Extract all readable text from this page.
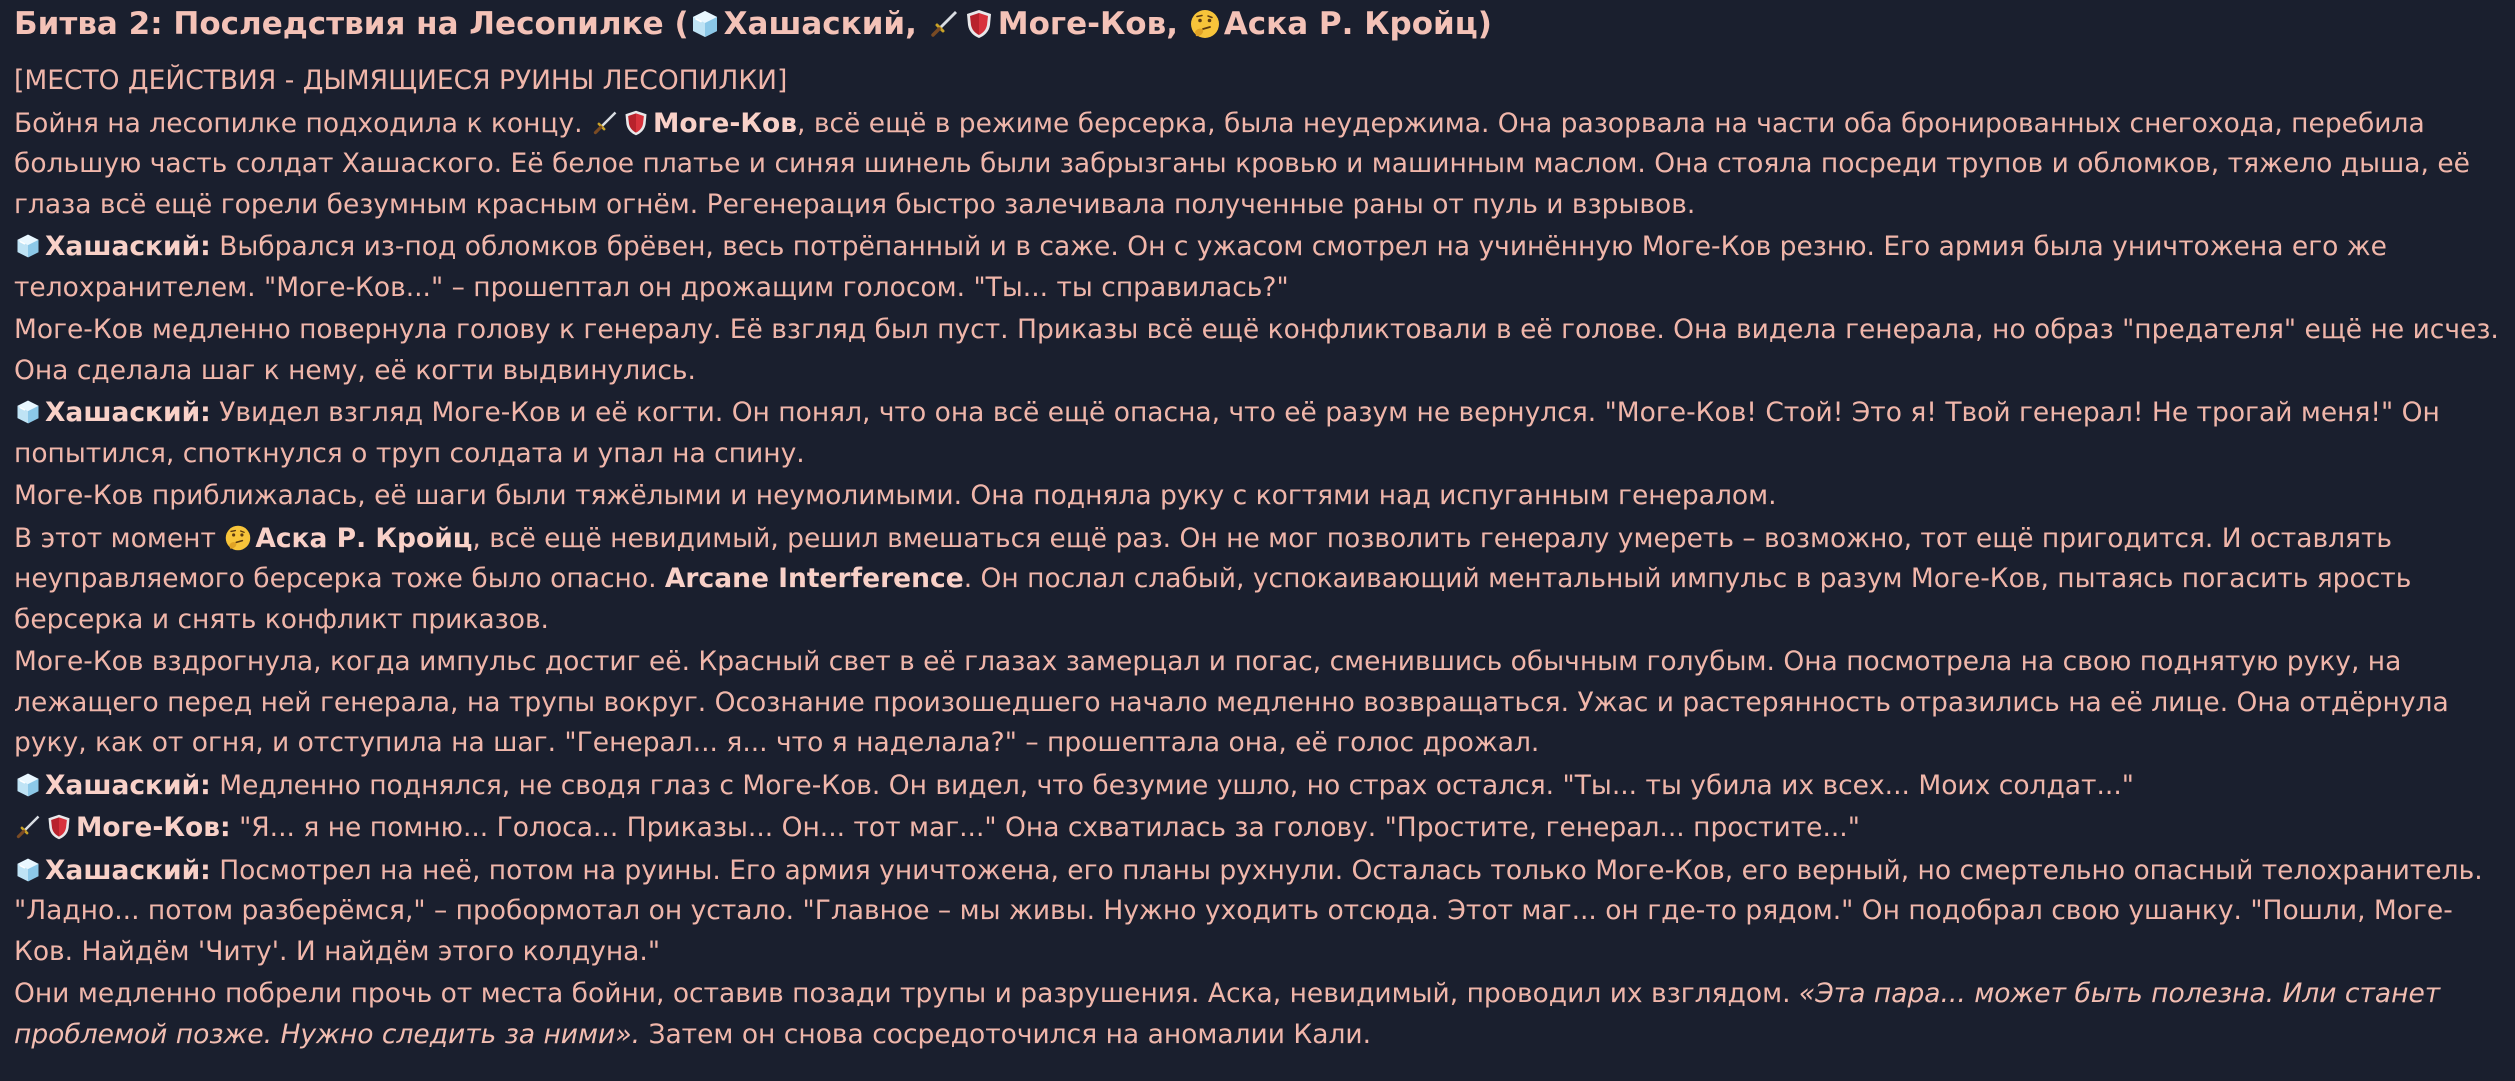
Битва 2: Последствия на Лесопилке ( Хашаский,
Моге-Ков,
Аска Р. Кройц)

[МЕСТО ДЕЙСТВИЯ - ДЫМЯЩИЕСЯ РУИНЫ ЛЕСОПИЛКИ]

Бойня на лесопилке подходила к концу.
Моге-Ков, всё ещё в режиме берсерка, была неудержима. Она разорвала на части оба бронированных снегохода, перебила большую часть солдат Хашаского. Её белое платье и синяя шинель были забрызганы кровью и машинным маслом. Она стояла посреди трупов и обломков, тяжело дыша, её глаза всё ещё горели безумным красным огнём. Регенерация быстро залечивала полученные раны от пуль и взрывов.

Хашаский: Выбрался из-под обломков брёвен, весь потрёпанный и в саже. Он с ужасом смотрел на учинённую Моге-Ков резню. Его армия была уничтожена его же телохранителем. "Моге-Ков..." – прошептал он дрожащим голосом. "Ты... ты справилась?"

Моге-Ков медленно повернула голову к генералу. Её взгляд был пуст. Приказы всё ещё конфликтовали в её голове. Она видела генерала, но образ "предателя" ещё не исчез. Она сделала шаг к нему, её когти выдвинулись.

Хашаский: Увидел взгляд Моге-Ков и её когти. Он понял, что она всё ещё опасна, что её разум не вернулся. "Моге-Ков! Стой! Это я! Твой генерал! Не трогай меня!" Он попытился, споткнулся о труп солдата и упал на спину.

Моге-Ков приближалась, её шаги были тяжёлыми и неумолимыми. Она подняла руку с когтями над испуганным генералом.

В этот момент
Аска Р. Кройц, всё ещё невидимый, решил вмешаться ещё раз. Он не мог позволить генералу умереть – возможно, тот ещё пригодится. И оставлять неуправляемого берсерка тоже было опасно. Arcane Interference. Он послал слабый, успокаивающий ментальный импульс в разум Моге-Ков, пытаясь погасить ярость берсерка и снять конфликт приказов.

Моге-Ков вздрогнула, когда импульс достиг её. Красный свет в её глазах замерцал и погас, сменившись обычным голубым. Она посмотрела на свою поднятую руку, на лежащего перед ней генерала, на трупы вокруг. Осознание произошедшего начало медленно возвращаться. Ужас и растерянность отразились на её лице. Она отдёрнула руку, как от огня, и отступила на шаг. "Генерал... я... что я наделала?" – прошептала она, её голос дрожал.

Хашаский: Медленно поднялся, не сводя глаз с Моге-Ков. Он видел, что безумие ушло, но страх остался. "Ты... ты убила их всех... Моих солдат..."

Моге-Ков: "Я... я не помню... Голоса... Приказы... Он... тот маг..." Она схватилась за голову. "Простите, генерал... простите..."

Хашаский: Посмотрел на неё, потом на руины. Его армия уничтожена, его планы рухнули. Осталась только Моге-Ков, его верный, но смертельно опасный телохранитель. "Ладно... потом разберёмся," – пробормотал он устало. "Главное – мы живы. Нужно уходить отсюда. Этот маг... он где-то рядом." Он подобрал свою ушанку. "Пошли, Моге-Ков. Найдём 'Читу'. И найдём этого колдуна."

Они медленно побрели прочь от места бойни, оставив позади трупы и разрушения. Аска, невидимый, проводил их взглядом. «Эта пара... может быть полезна. Или станет проблемой позже. Нужно следить за ними». Затем он снова сосредоточился на аномалии Кали.
